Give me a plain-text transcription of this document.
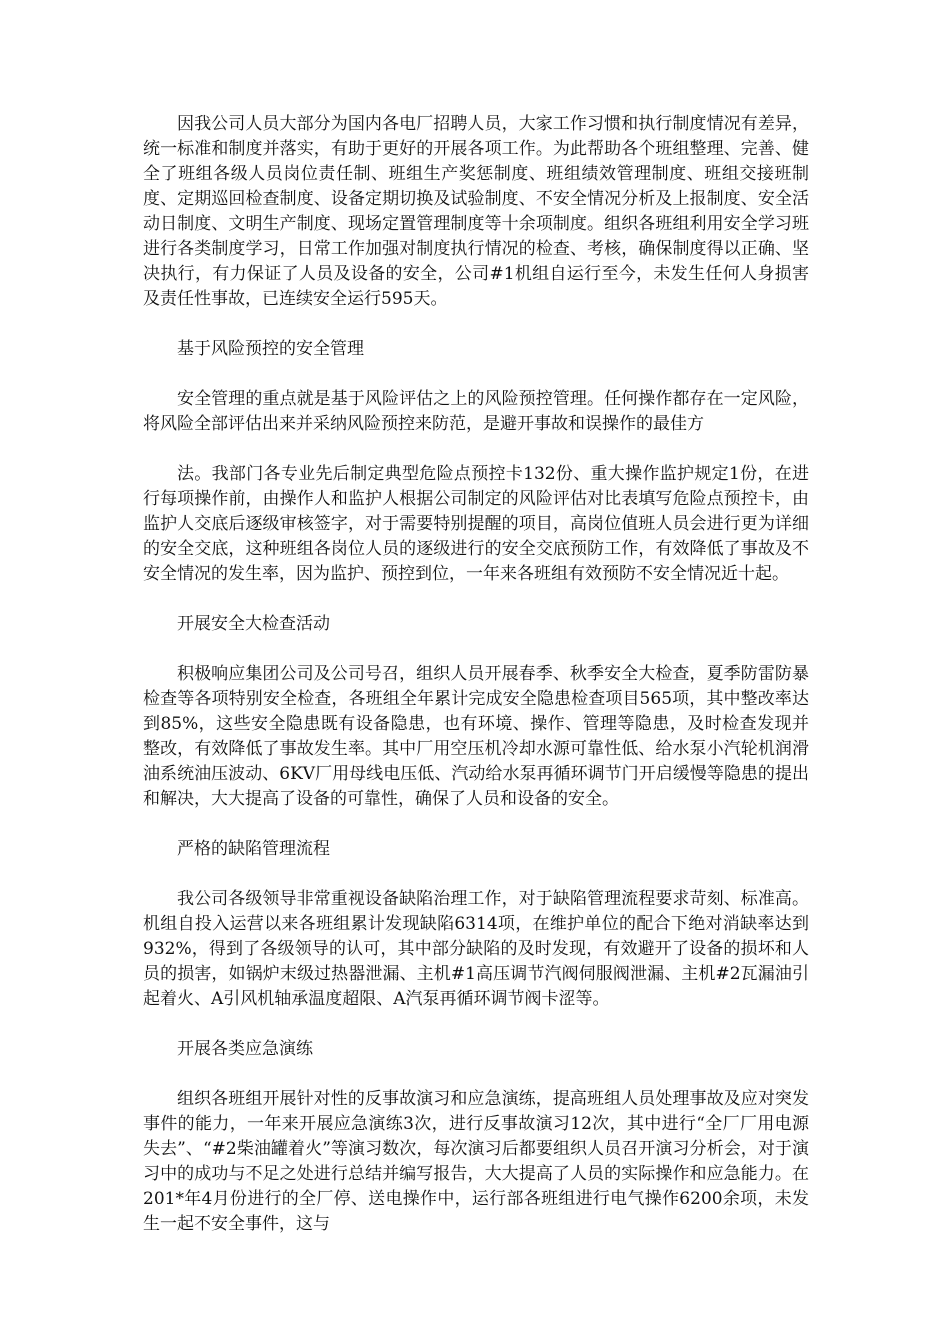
因我公司人员大部分为国内各电厂招聘人员，大家工作习惯和执行制度情况有差异，统一标准和制度并落实，有助于更好的开展各项工作。为此帮助各个班组整理、完善、健全了班组各级人员岗位责任制、班组生产奖惩制度、班组绩效管理制度、班组交接班制度、定期巡回检查制度、设备定期切换及试验制度、不安全情况分析及上报制度、安全活动日制度、文明生产制度、现场定置管理制度等十余项制度。组织各班组利用安全学习班进行各类制度学习，日常工作加强对制度执行情况的检查、考核，确保制度得以正确、坚决执行，有力保证了人员及设备的安全，公司#1机组自运行至今，未发生任何人身损害及责任性事故，已连续安全运行595天。

基于风险预控的安全管理

安全管理的重点就是基于风险评估之上的风险预控管理。任何操作都存在一定风险，将风险全部评估出来并采纳风险预控来防范，是避开事故和误操作的最佳方

法。我部门各专业先后制定典型危险点预控卡132份、重大操作监护规定1份，在进行每项操作前，由操作人和监护人根据公司制定的风险评估对比表填写危险点预控卡，由监护人交底后逐级审核签字，对于需要特别提醒的项目，高岗位值班人员会进行更为详细的安全交底，这种班组各岗位人员的逐级进行的安全交底预防工作，有效降低了事故及不安全情况的发生率，因为监护、预控到位，一年来各班组有效预防不安全情况近十起。

开展安全大检查活动

积极响应集团公司及公司号召，组织人员开展春季、秋季安全大检查，夏季防雷防暴检查等各项特别安全检查，各班组全年累计完成安全隐患检查项目565项，其中整改率达到85%，这些安全隐患既有设备隐患，也有环境、操作、管理等隐患，及时检查发现并整改，有效降低了事故发生率。其中厂用空压机冷却水源可靠性低、给水泵小汽轮机润滑油系统油压波动、6KV厂用母线电压低、汽动给水泵再循环调节门开启缓慢等隐患的提出和解决，大大提高了设备的可靠性，确保了人员和设备的安全。

严格的缺陷管理流程

我公司各级领导非常重视设备缺陷治理工作，对于缺陷管理流程要求苛刻、标准高。机组自投入运营以来各班组累计发现缺陷6314项，在维护单位的配合下绝对消缺率达到932%，得到了各级领导的认可，其中部分缺陷的及时发现，有效避开了设备的损坏和人员的损害，如锅炉末级过热器泄漏、主机#1高压调节汽阀伺服阀泄漏、主机#2瓦漏油引起着火、A引风机轴承温度超限、A汽泵再循环调节阀卡涩等。

开展各类应急演练

组织各班组开展针对性的反事故演习和应急演练，提高班组人员处理事故及应对突发事件的能力，一年来开展应急演练3次，进行反事故演习12次，其中进行“全厂厂用电源失去”、“#2柴油罐着火”等演习数次，每次演习后都要组织人员召开演习分析会，对于演习中的成功与不足之处进行总结并编写报告，大大提高了人员的实际操作和应急能力。在201*年4月份进行的全厂停、送电操作中，运行部各班组进行电气操作6200余项，未发生一起不安全事件，这与
